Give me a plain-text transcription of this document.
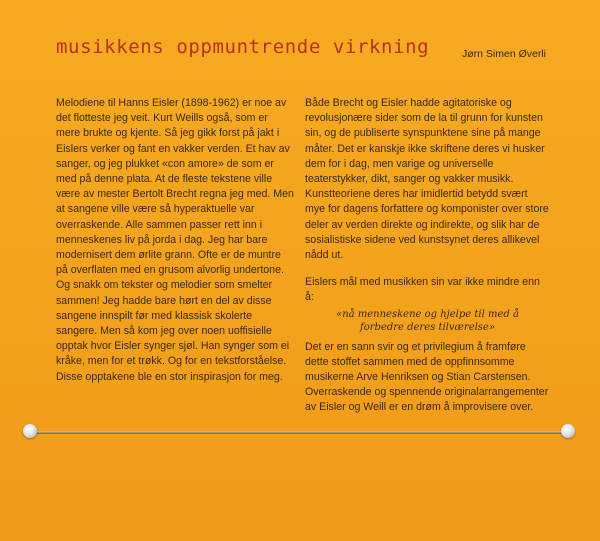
musikkens oppmuntrende virkning	Jørn Simen Øverli

Melodiene til Hanns Eisler (1898-1962) er noe av det flotteste jeg veit. Kurt Weills også, som er mere brukte og kjente. Så jeg gikk forst på jakt i Eislers verker og fant en vakker verden. Et hav av sanger, og jeg plukket «con amore» de som er med på denne plata. At de fleste tekstene ville være av mester Bertolt Brecht regna jeg med. Men at sangene ville være så hyperaktuelle var overraskende. Alle sammen passer rett inn i menneskenes liv på jorda i dag. Jeg har bare modernisert dem ørlite grann. Ofte er de muntre på overflaten med en grusom alvorlig undertone. Og snakk om tekster og melodier som smelter sammen! Jeg hadde bare hørt en del av disse sangene innspilt før med klassisk skolerte sangere. Men så kom jeg over noen uoffisielle opptak hvor Eisler synger sjøl. Han synger som ei kråke, men for et trøkk. Og for en tekstforståelse. Disse opptakene ble en stor inspirasjon for meg.

Både Brecht og Eisler hadde agitatoriske og revolusjonære sider som de la til grunn for kunsten sin, og de publiserte synspunktene sine på mange måter. Det er kanskje ikke skriftene deres vi husker dem for i dag, men varige og universelle teaterstykker, dikt, sanger og vakker musikk. Kunstteoriene deres har imidlertid betydd svært mye for dagens forfattere og komponister over store deler av verden direkte og indirekte, og slik har de sosialistiske sidene ved kunstsynet deres allikevel nådd ut.

Eislers mål med musikken sin var ikke mindre enn å:

«nå menneskene og hjelpe til med å
forbedre deres tilværelse»

Det er en sann svir og et privilegium å framføre dette stoffet sammen med de oppfinnsomme musikerne Arve Henriksen og Stian Carstensen. Overraskende og spennende originalarrangementer av Eisler og Weill er en drøm å improvisere over.
